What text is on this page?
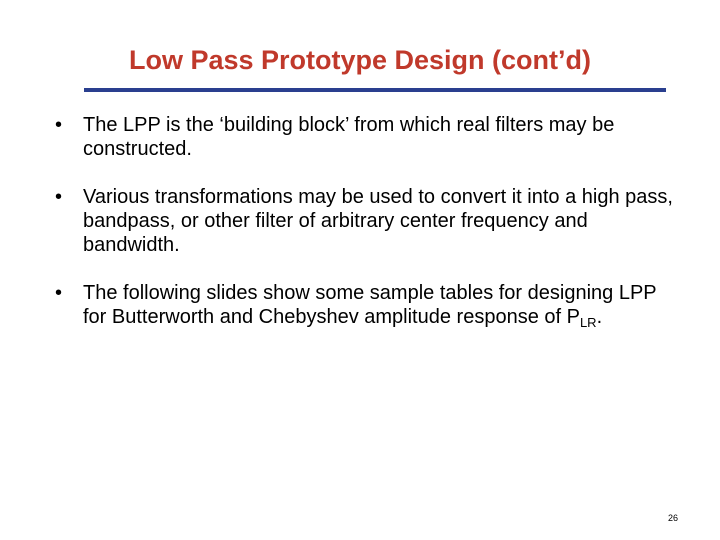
Low Pass Prototype Design (cont’d)
• The LPP is the ‘building block’ from which real filters may be constructed.
• Various transformations may be used to convert it into a high pass, bandpass, or other filter of arbitrary center frequency and bandwidth.
• The following slides show some sample tables for designing LPP for Butterworth and Chebyshev amplitude response of $P_{LR}$.
26
